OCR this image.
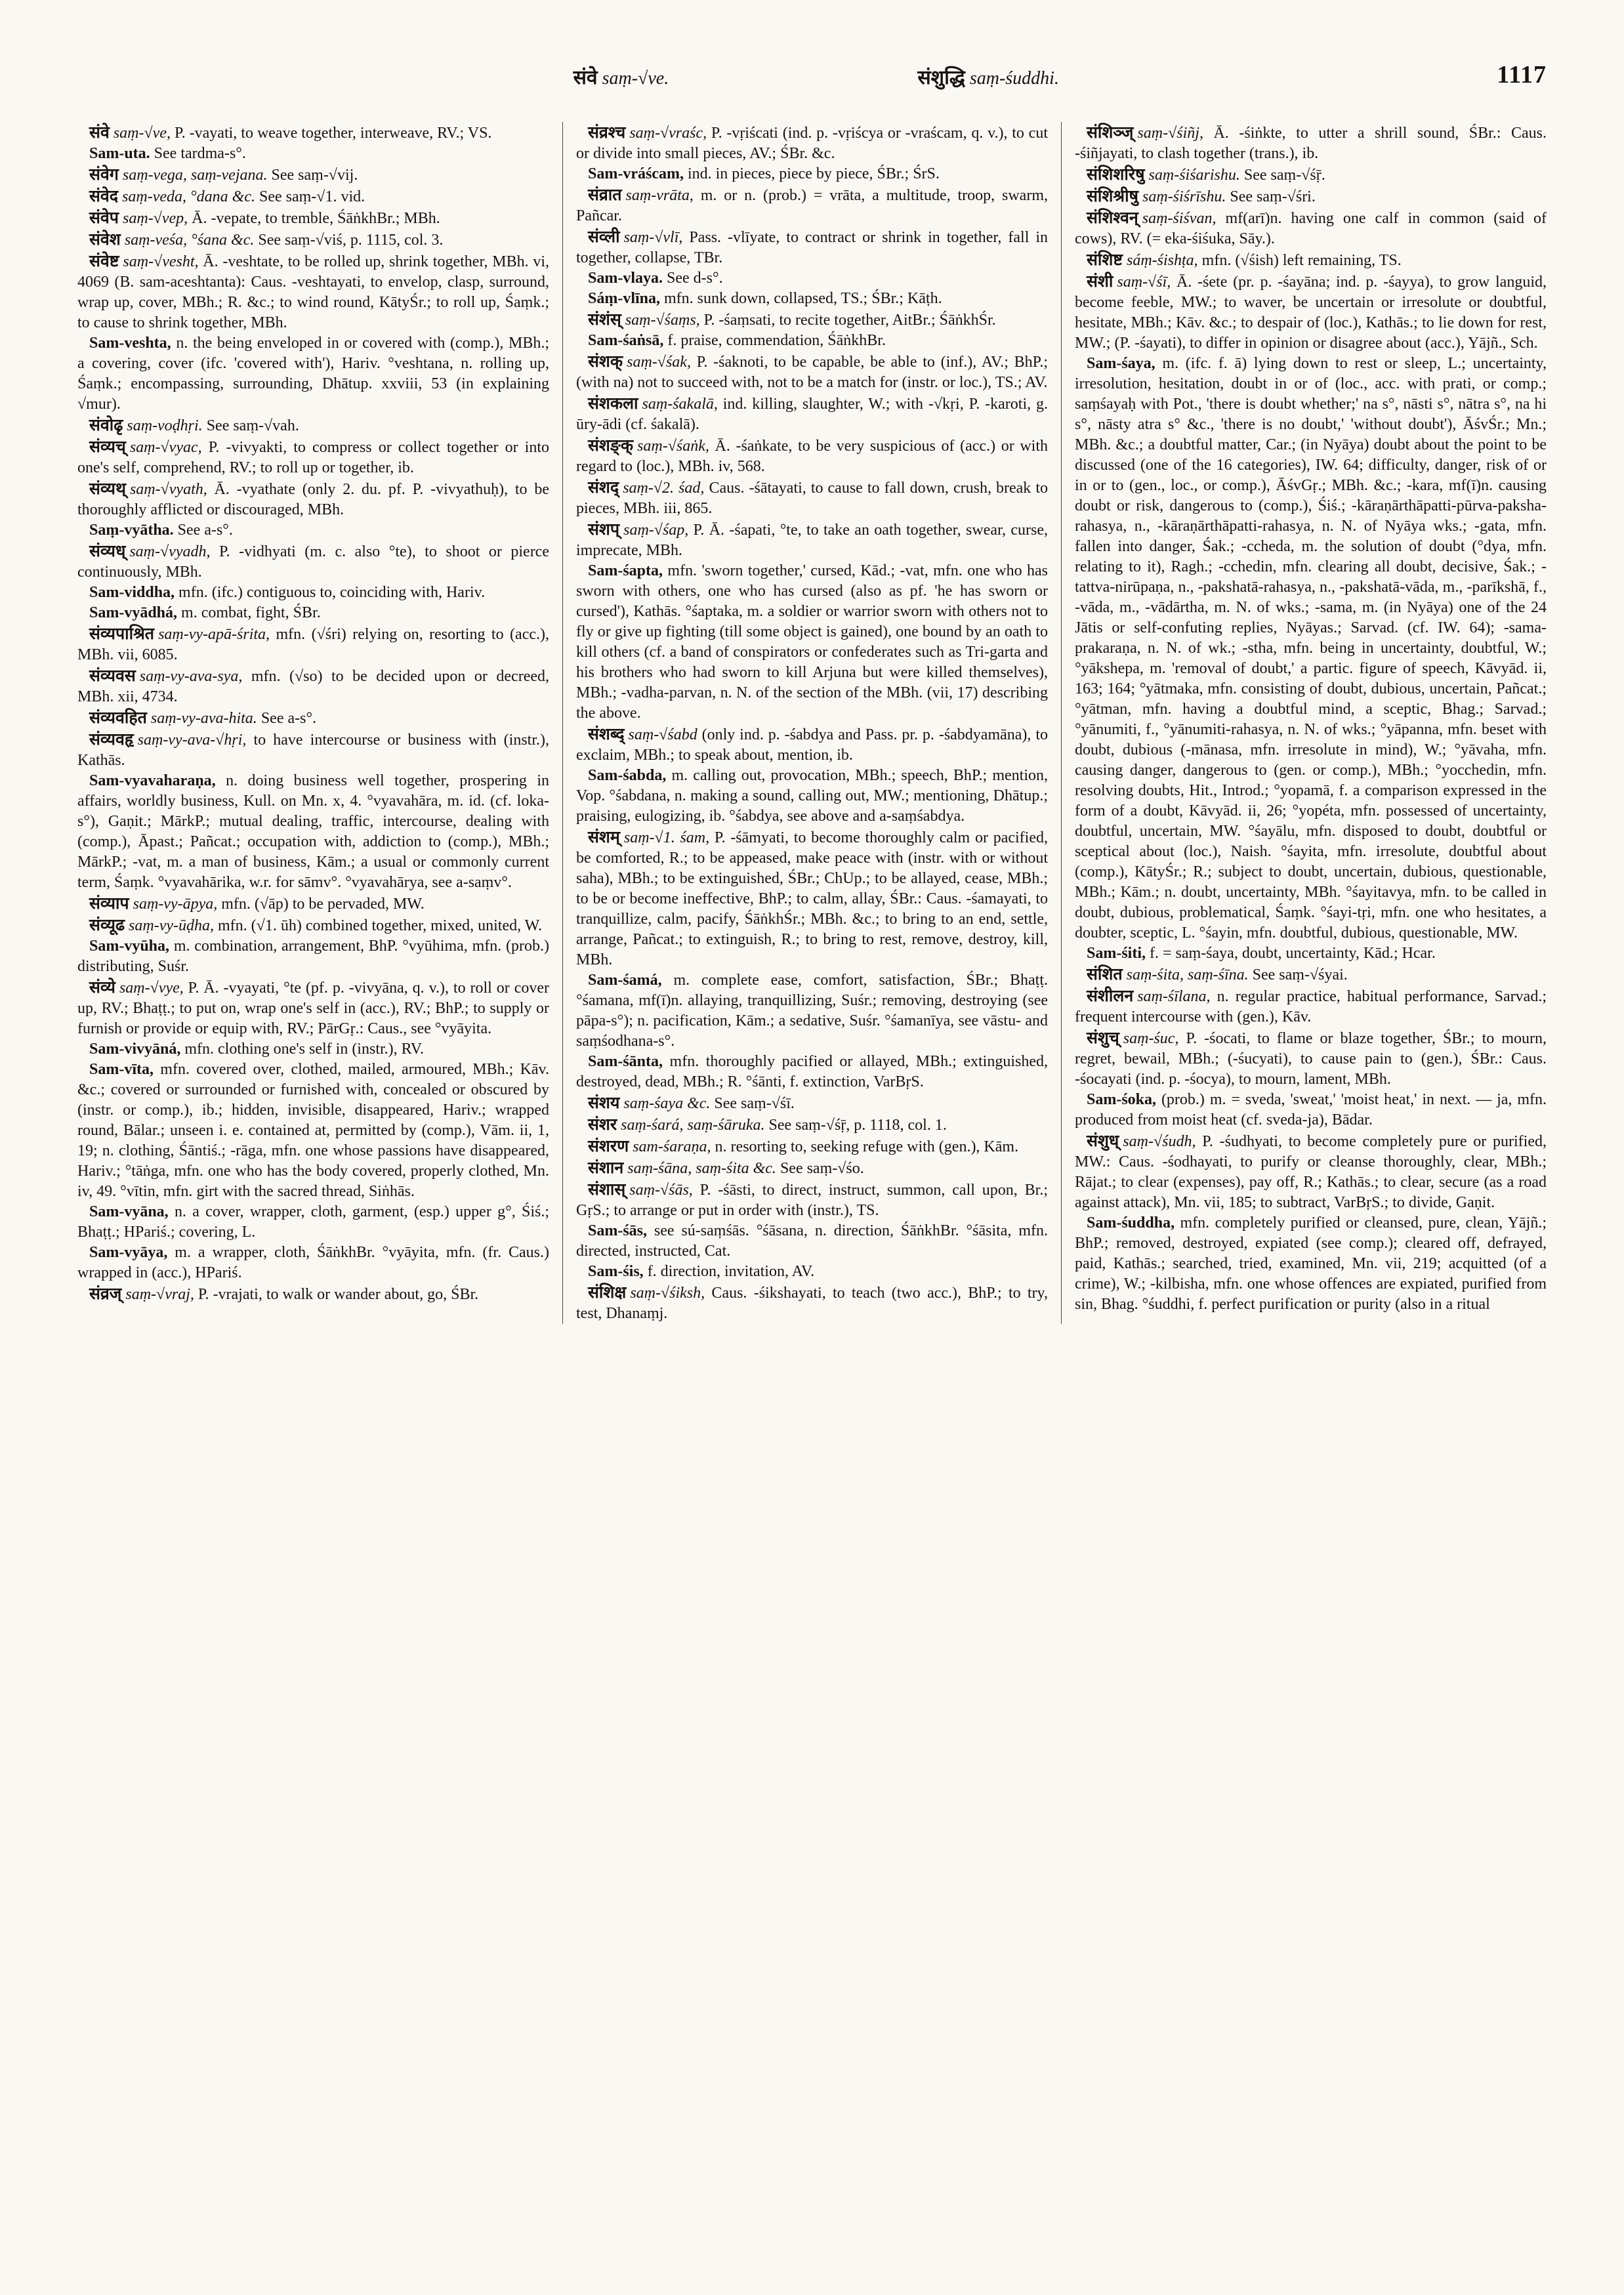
संवे saṃ-√ve.	संशुद्धि saṃ-śuddhi.	1117

संवे saṃ-√ve, P. -vayati, to weave together, interweave, RV.; VS.

Sam-uta. See tardma-s°.

संवेग saṃ-vega, saṃ-vejana. See saṃ-√vij.

संवेद saṃ-veda, °dana &c. See saṃ-√1. vid.

संवेप saṃ-√vep, Ā. -vepate, to tremble, ŚāṅkhBr.; MBh.

संवेश saṃ-veśa, °śana &c. See saṃ-√viś, p. 1115, col. 3.

संवेष्ट saṃ-√vesht, Ā. -veshtate, to be rolled up, shrink together, MBh. vi, 4069 (B. sam-aceshtanta): Caus. -veshtayati, to envelop, clasp, surround, wrap up, cover, MBh.; R. &c.; to wind round, KātyŚr.; to roll up, Śaṃk.; to cause to shrink together, MBh.

Sam-veshta, n. the being enveloped in or covered with (comp.), MBh.; a covering, cover (ifc. 'covered with'), Hariv. °veshtana, n. rolling up, Śaṃk.; encompassing, surrounding, Dhātup. xxviii, 53 (in explaining √mur).

संवोढृ saṃ-voḍhṛi. See saṃ-√vah.

संव्यच् saṃ-√vyac, P. -vivyakti, to compress or collect together or into one's self, comprehend, RV.; to roll up or together, ib.

संव्यथ् saṃ-√vyath, Ā. -vyathate (only 2. du. pf. P. -vivyathuḥ), to be thoroughly afflicted or discouraged, MBh.

Saṃ-vyātha. See a-s°.

संव्यध् saṃ-√vyadh, P. -vidhyati (m. c. also °te), to shoot or pierce continuously, MBh.

Sam-viddha, mfn. (ifc.) contiguous to, coinciding with, Hariv.

Sam-vyādhá, m. combat, fight, ŚBr.

संव्यपाश्रित saṃ-vy-apā-śrita, mfn. (√śri) relying on, resorting to (acc.), MBh. vii, 6085.

संव्यवस saṃ-vy-ava-sya, mfn. (√so) to be decided upon or decreed, MBh. xii, 4734.

संव्यवहित saṃ-vy-ava-hita. See a-s°.

संव्यवहृ saṃ-vy-ava-√hṛi, to have intercourse or business with (instr.), Kathās.

Sam-vyavaharaṇa, n. doing business well together, prospering in affairs, worldly business, Kull. on Mn. x, 4. °vyavahāra, m. id. (cf. loka-s°), Gaṇit.; MārkP.; mutual dealing, traffic, intercourse, dealing with (comp.), Āpast.; Pañcat.; occupation with, addiction to (comp.), MBh.; MārkP.; -vat, m. a man of business, Kām.; a usual or commonly current term, Śaṃk. °vyavahārika, w.r. for sāmv°. °vyavahārya, see a-saṃv°.

संव्याप saṃ-vy-āpya, mfn. (√āp) to be pervaded, MW.

संव्यूढ saṃ-vy-ūḍha, mfn. (√1. ūh) combined together, mixed, united, W.

Sam-vyūha, m. combination, arrangement, BhP. °vyūhima, mfn. (prob.) distributing, Suśr.

संव्ये saṃ-√vye, P. Ā. -vyayati, °te (pf. p. -vivyāna, q. v.), to roll or cover up, RV.; Bhaṭṭ.; to put on, wrap one's self in (acc.), RV.; BhP.; to supply or furnish or provide or equip with, RV.; PārGṛ.: Caus., see °vyāyita.

Sam-vivyāná, mfn. clothing one's self in (instr.), RV.

Sam-vīta, mfn. covered over, clothed, mailed, armoured, MBh.; Kāv. &c.; covered or surrounded or furnished with, concealed or obscured by (instr. or comp.), ib.; hidden, invisible, disappeared, Hariv.; wrapped round, Bālar.; unseen i. e. contained at, permitted by (comp.), Vām. ii, 1, 19; n. clothing, Śāntiś.; -rāga, mfn. one whose passions have disappeared, Hariv.; °tāṅga, mfn. one who has the body covered, properly clothed, Mn. iv, 49. °vītin, mfn. girt with the sacred thread, Siṅhās.

Sam-vyāna, n. a cover, wrapper, cloth, garment, (esp.) upper g°, Śiś.; Bhaṭṭ.; HPariś.; covering, L.

Sam-vyāya, m. a wrapper, cloth, ŚāṅkhBr. °vyāyita, mfn. (fr. Caus.) wrapped in (acc.), HPariś.

संव्रज् saṃ-√vraj, P. -vrajati, to walk or wander about, go, ŚBr.

संव्रश्च saṃ-√vraśc, P. -vṛiścati (ind. p. -vṛiścya or -vraścam, q. v.), to cut or divide into small pieces, AV.; ŚBr. &c.

Sam-vráścam, ind. in pieces, piece by piece, ŚBr.; ŚrS.

संव्रात saṃ-vrāta, m. or n. (prob.) = vrāta, a multitude, troop, swarm, Pañcar.

संव्ली saṃ-√vlī, Pass. -vlīyate, to contract or shrink in together, fall in together, collapse, TBr.

Sam-vlaya. See d-s°.

Sáṃ-vlīna, mfn. sunk down, collapsed, TS.; ŚBr.; Kāṭh.

संशंस् saṃ-√śaṃs, P. -śaṃsati, to recite together, AitBr.; ŚāṅkhŚr.

Sam-śaṅsā, f. praise, commendation, ŚāṅkhBr.

संशक् saṃ-√śak, P. -śaknoti, to be capable, be able to (inf.), AV.; BhP.; (with na) not to succeed with, not to be a match for (instr. or loc.), TS.; AV.

संशकला saṃ-śakalā, ind. killing, slaughter, W.; with -√kṛi, P. -karoti, g. ūry-ādi (cf. śakalā).

संशङ्क् saṃ-√śaṅk, Ā. -śaṅkate, to be very suspicious of (acc.) or with regard to (loc.), MBh. iv, 568.

संशद् saṃ-√2. śad, Caus. -śātayati, to cause to fall down, crush, break to pieces, MBh. iii, 865.

संशप् saṃ-√śap, P. Ā. -śapati, °te, to take an oath together, swear, curse, imprecate, MBh.

Sam-śapta, mfn. 'sworn together,' cursed, Kād.; -vat, mfn. one who has sworn with others, one who has cursed (also as pf. 'he has sworn or cursed'), Kathās. °śaptaka, m. a soldier or warrior sworn with others not to fly or give up fighting (till some object is gained), one bound by an oath to kill others (cf. a band of conspirators or confederates such as Tri-garta and his brothers who had sworn to kill Arjuna but were killed themselves), MBh.; -vadha-parvan, n. N. of the section of the MBh. (vii, 17) describing the above.

संशब्द् saṃ-√śabd (only ind. p. -śabdya and Pass. pr. p. -śabdyamāna), to exclaim, MBh.; to speak about, mention, ib.

Sam-śabda, m. calling out, provocation, MBh.; speech, BhP.; mention, Vop. °śabdana, n. making a sound, calling out, MW.; mentioning, Dhātup.; praising, eulogizing, ib. °śabdya, see above and a-saṃśabdya.

संशम् saṃ-√1. śam, P. -śāmyati, to become thoroughly calm or pacified, be comforted, R.; to be appeased, make peace with (instr. with or without saha), MBh.; to be extinguished, ŚBr.; ChUp.; to be allayed, cease, MBh.; to be or become ineffective, BhP.; to calm, allay, ŚBr.: Caus. -śamayati, to tranquillize, calm, pacify, ŚāṅkhŚr.; MBh. &c.; to bring to an end, settle, arrange, Pañcat.; to extinguish, R.; to bring to rest, remove, destroy, kill, MBh.

Sam-śamá, m. complete ease, comfort, satisfaction, ŚBr.; Bhaṭṭ. °śamana, mf(ī)n. allaying, tranquillizing, Suśr.; removing, destroying (see pāpa-s°); n. pacification, Kām.; a sedative, Suśr. °śamanīya, see vāstu- and saṃśodhana-s°.

Sam-śānta, mfn. thoroughly pacified or allayed, MBh.; extinguished, destroyed, dead, MBh.; R. °śānti, f. extinction, VarBṛS.

संशय saṃ-śaya &c. See saṃ-√śī.

संशर saṃ-śará, saṃ-śāruka. See saṃ-√śṝ, p. 1118, col. 1.

संशरण sam-śaraṇa, n. resorting to, seeking refuge with (gen.), Kām.

संशान saṃ-śāna, saṃ-śita &c. See saṃ-√śo.

संशास् saṃ-√śās, P. -śāsti, to direct, instruct, summon, call upon, Br.; GṛS.; to arrange or put in order with (instr.), TS.

Sam-śās, see sú-saṃśās. °śāsana, n. direction, ŚāṅkhBr. °śāsita, mfn. directed, instructed, Cat.

Sam-śis, f. direction, invitation, AV.

संशिक्ष saṃ-√śiksh, Caus. -śikshayati, to teach (two acc.), BhP.; to try, test, Dhanaṃj.

संशिञ्ज् saṃ-√śiñj, Ā. -śiṅkte, to utter a shrill sound, ŚBr.: Caus. -śiñjayati, to clash together (trans.), ib.

संशिशरिषु saṃ-śiśarishu. See saṃ-√śṝ.

संशिश्रीषु saṃ-śiśrīshu. See saṃ-√śri.

संशिश्वन् saṃ-śiśvan, mf(arī)n. having one calf in common (said of cows), RV. (= eka-śiśuka, Sāy.).

संशिष्ट sáṃ-śishṭa, mfn. (√śish) left remaining, TS.

संशी saṃ-√śī, Ā. -śete (pr. p. -śayāna; ind. p. -śayya), to grow languid, become feeble, MW.; to waver, be uncertain or irresolute or doubtful, hesitate, MBh.; Kāv. &c.; to despair of (loc.), Kathās.; to lie down for rest, MW.; (P. -śayati), to differ in opinion or disagree about (acc.), Yājñ., Sch.

Sam-śaya, m. (ifc. f. ā) lying down to rest or sleep, L.; uncertainty, irresolution, hesitation, doubt in or of (loc., acc. with prati, or comp.; saṃśayaḥ with Pot., 'there is doubt whether;' na s°, nāsti s°, nātra s°, na hi s°, nāsty atra s° &c., 'there is no doubt,' 'without doubt'), ĀśvŚr.; Mn.; MBh. &c.; a doubtful matter, Car.; (in Nyāya) doubt about the point to be discussed (one of the 16 categories), IW. 64; difficulty, danger, risk of or in or to (gen., loc., or comp.), ĀśvGṛ.; MBh. &c.; -kara, mf(ī)n. causing doubt or risk, dangerous to (comp.), Śiś.; -kāraṇārthāpatti-pūrva-paksha-rahasya, n., -kāraṇārthāpatti-rahasya, n. N. of Nyāya wks.; -gata, mfn. fallen into danger, Śak.; -ccheda, m. the solution of doubt (°dya, mfn. relating to it), Ragh.; -cchedin, mfn. clearing all doubt, decisive, Śak.; -tattva-nirūpaṇa, n., -pakshatā-rahasya, n., -pakshatā-vāda, m., -parīkshā, f., -vāda, m., -vādārtha, m. N. of wks.; -sama, m. (in Nyāya) one of the 24 Jātis or self-confuting replies, Nyāyas.; Sarvad. (cf. IW. 64); -sama-prakaraṇa, n. N. of wk.; -stha, mfn. being in uncertainty, doubtful, W.; °yākshepa, m. 'removal of doubt,' a partic. figure of speech, Kāvyād. ii, 163; 164; °yātmaka, mfn. consisting of doubt, dubious, uncertain, Pañcat.; °yātman, mfn. having a doubtful mind, a sceptic, Bhag.; Sarvad.; °yānumiti, f., °yānumiti-rahasya, n. N. of wks.; °yāpanna, mfn. beset with doubt, dubious (-mānasa, mfn. irresolute in mind), W.; °yāvaha, mfn. causing danger, dangerous to (gen. or comp.), MBh.; °yocchedin, mfn. resolving doubts, Hit., Introd.; °yopamā, f. a comparison expressed in the form of a doubt, Kāvyād. ii, 26; °yopéta, mfn. possessed of uncertainty, doubtful, uncertain, MW. °śayālu, mfn. disposed to doubt, doubtful or sceptical about (loc.), Naish. °śayita, mfn. irresolute, doubtful about (comp.), KātyŚr.; R.; subject to doubt, uncertain, dubious, questionable, MBh.; Kām.; n. doubt, uncertainty, MBh. °śayitavya, mfn. to be called in doubt, dubious, problematical, Śaṃk. °śayi-tṛi, mfn. one who hesitates, a doubter, sceptic, L. °śayin, mfn. doubtful, dubious, questionable, MW.

Sam-śiti, f. = saṃ-śaya, doubt, uncertainty, Kād.; Hcar.

संशित saṃ-śita, saṃ-śīna. See saṃ-√śyai.

संशीलन saṃ-śīlana, n. regular practice, habitual performance, Sarvad.; frequent intercourse with (gen.), Kāv.

संशुच् saṃ-śuc, P. -śocati, to flame or blaze together, ŚBr.; to mourn, regret, bewail, MBh.; (-śucyati), to cause pain to (gen.), ŚBr.: Caus. -śocayati (ind. p. -śocya), to mourn, lament, MBh.

Sam-śoka, (prob.) m. = sveda, 'sweat,' 'moist heat,' in next. — ja, mfn. produced from moist heat (cf. sveda-ja), Bādar.

संशुध् saṃ-√śudh, P. -śudhyati, to become completely pure or purified, MW.: Caus. -śodhayati, to purify or cleanse thoroughly, clear, MBh.; Rājat.; to clear (expenses), pay off, R.; Kathās.; to clear, secure (as a road against attack), Mn. vii, 185; to subtract, VarBṛS.; to divide, Gaṇit.

Sam-śuddha, mfn. completely purified or cleansed, pure, clean, Yājñ.; BhP.; removed, destroyed, expiated (see comp.); cleared off, defrayed, paid, Kathās.; searched, tried, examined, Mn. vii, 219; acquitted (of a crime), W.; -kilbisha, mfn. one whose offences are expiated, purified from sin, Bhag. °śuddhi, f. perfect purification or purity (also in a ritual
